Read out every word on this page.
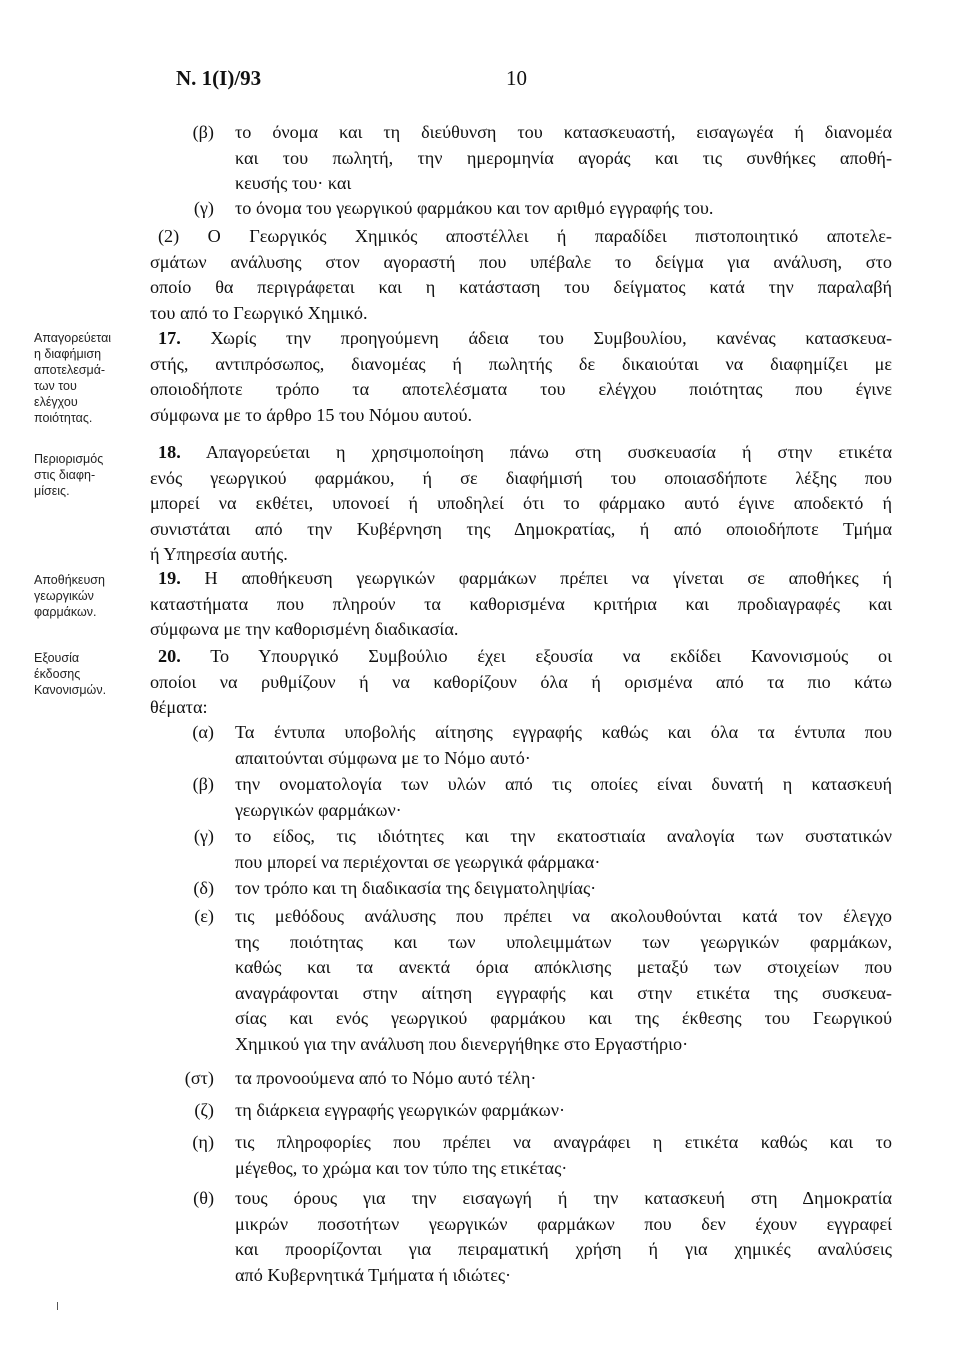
Ν. 1(Ι)/93	10
Απαγορεύεται
η διαφήμιση
αποτελεσμά-
των του
ελέγχου
ποιότητας.
Περιορισμός
στις διαφη-
μίσεις.
Αποθήκευση
γεωργικών
φαρμάκων.
Εξουσία
έκδοσης
Κανονισμών.
(β) το όνομα και τη διεύθυνση του κατασκευαστή, εισαγωγέα ή διανομέα
και του πωλητή, την ημερομηνία αγοράς και τις συνθήκες αποθή-
κευσής του· και
(γ) το όνομα του γεωργικού φαρμάκου και τον αριθμό εγγραφής του.
(2) Ο Γεωργικός Χημικός αποστέλλει ή παραδίδει πιστοποιητικό αποτελε-
σμάτων ανάλυσης στον αγοραστή που υπέβαλε το δείγμα για ανάλυση, στο
οποίο θα περιγράφεται και η κατάσταση του δείγματος κατά την παραλαβή
του από το Γεωργικό Χημικό.
17. Χωρίς την προηγούμενη άδεια του Συμβουλίου, κανένας κατασκευα-
στής, αντιπρόσωπος, διανομέας ή πωλητής δε δικαιούται να διαφημίζει με
οποιοδήποτε τρόπο τα αποτελέσματα του ελέγχου ποιότητας που έγινε
σύμφωνα με το άρθρο 15 του Νόμου αυτού.
18. Απαγορεύεται η χρησιμοποίηση πάνω στη συσκευασία ή στην ετικέτα
ενός γεωργικού φαρμάκου, ή σε διαφήμισή του οποιασδήποτε λέξης που
μπορεί να εκθέτει, υπονοεί ή υποδηλεί ότι το φάρμακο αυτό έγινε αποδεκτό ή
συνιστάται από την Κυβέρνηση της Δημοκρατίας, ή από οποιοδήποτε Τμήμα
ή Υπηρεσία αυτής.
19. Η αποθήκευση γεωργικών φαρμάκων πρέπει να γίνεται σε αποθήκες ή
καταστήματα που πληρούν τα καθορισμένα κριτήρια και προδιαγραφές και
σύμφωνα με την καθορισμένη διαδικασία.
20. Το Υπουργικό Συμβούλιο έχει εξουσία να εκδίδει Κανονισμούς οι
οποίοι να ρυθμίζουν ή να καθορίζουν όλα ή ορισμένα από τα πιο κάτω
θέματα:
(α) Τα έντυπα υποβολής αίτησης εγγραφής καθώς και όλα τα έντυπα που
απαιτούνται σύμφωνα με το Νόμο αυτό·
(β) την ονοματολογία των υλών από τις οποίες είναι δυνατή η κατασκευή
γεωργικών φαρμάκων·
(γ) το είδος, τις ιδιότητες και την εκατοστιαία αναλογία των συστατικών
που μπορεί να περιέχονται σε γεωργικά φάρμακα·
(δ) τον τρόπο και τη διαδικασία της δειγματοληψίας·
(ε) τις μεθόδους ανάλυσης που πρέπει να ακολουθούνται κατά τον έλεγχο
της ποιότητας και των υπολειμμάτων των γεωργικών φαρμάκων,
καθώς και τα ανεκτά όρια απόκλισης μεταξύ των στοιχείων που
αναγράφονται στην αίτηση εγγραφής και στην ετικέτα της συσκευα-
σίας και ενός γεωργικού φαρμάκου και της έκθεσης του Γεωργικού
Χημικού για την ανάλυση που διενεργήθηκε στο Εργαστήριο·
(στ) τα προνοούμενα από το Νόμο αυτό τέλη·
(ζ) τη διάρκεια εγγραφής γεωργικών φαρμάκων·
(η) τις πληροφορίες που πρέπει να αναγράφει η ετικέτα καθώς και το
μέγεθος, το χρώμα και τον τύπο της ετικέτας·
(θ) τους όρους για την εισαγωγή ή την κατασκευή στη Δημοκρατία
μικρών ποσοτήτων γεωργικών φαρμάκων που δεν έχουν εγγραφεί
και προορίζονται για πειραματική χρήση ή για χημικές αναλύσεις
από Κυβερνητικά Τμήματα ή ιδιώτες·
